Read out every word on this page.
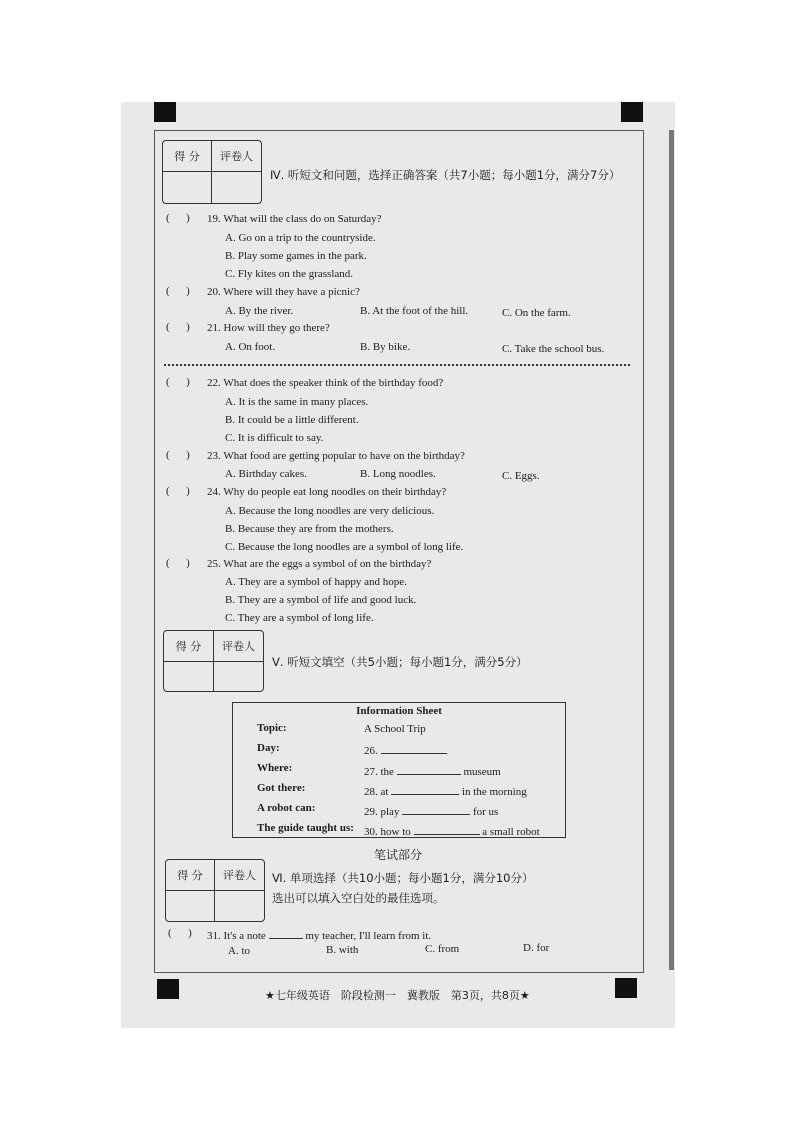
得 分	评卷人
Ⅳ. 听短文和问题，选择正确答案（共7小题；每小题1分，满分7分）
( ) 19. What will the class do on Saturday?
A. Go on a trip to the countryside.
B. Play some games in the park.
C. Fly kites on the grassland.
( ) 20. Where will they have a picnic?
A. By the river.	B. At the foot of the hill.	C. On the farm.
( ) 21. How will they go there?
A. On foot.	B. By bike.	C. Take the school bus.
( ) 22. What does the speaker think of the birthday food?
A. It is the same in many places.
B. It could be a little different.
C. It is difficult to say.
( ) 23. What food are getting popular to have on the birthday?
A. Birthday cakes.	B. Long noodles.	C. Eggs.
( ) 24. Why do people eat long noodles on their birthday?
A. Because the long noodles are very delicious.
B. Because they are from the mothers.
C. Because the long noodles are a symbol of long life.
( ) 25. What are the eggs a symbol of on the birthday?
A. They are a symbol of happy and hope.
B. They are a symbol of life and good luck.
C. They are a symbol of long life.
得 分	评卷人
Ⅴ. 听短文填空（共5小题；每小题1分，满分5分）
Information Sheet
Topic:	A School Trip
Day:	26.
Where:	27. the	museum
Got there:	28. at	in the morning
A robot can:	29. play	for us
The guide taught us: 30. how to	a small robot
笔试部分
得 分	评卷人	Ⅵ. 单项选择（共10小题；每小题1分，满分10分）
选出可以填入空白处的最佳选项。
( ) 31. It's a note	my teacher, I'll learn from it.
A. to	B. with	C. from	D. for
★七年级英语　阶段检测一　冀教版　第3页，共8页★
